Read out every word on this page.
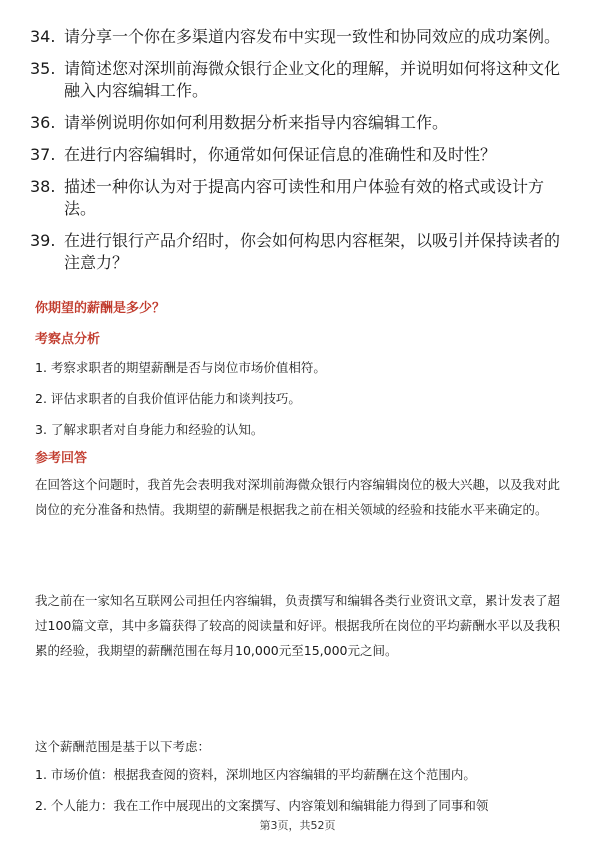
34. 请分享一个你在多渠道内容发布中实现一致性和协同效应的成功案例。
35. 请简述您对深圳前海微众银行企业文化的理解，并说明如何将这种文化融入内容编辑工作。
36. 请举例说明你如何利用数据分析来指导内容编辑工作。
37. 在进行内容编辑时，你通常如何保证信息的准确性和及时性？
38. 描述一种你认为对于提高内容可读性和用户体验有效的格式或设计方法。
39. 在进行银行产品介绍时，你会如何构思内容框架，以吸引并保持读者的注意力？

你期望的薪酬是多少？

考察点分析

1. 考察求职者的期望薪酬是否与岗位市场价值相符。
2. 评估求职者的自我价值评估能力和谈判技巧。
3. 了解求职者对自身能力和经验的认知。

参考回答

在回答这个问题时，我首先会表明我对深圳前海微众银行内容编辑岗位的极大兴趣，以及我对此岗位的充分准备和热情。我期望的薪酬是根据我之前在相关领域的经验和技能水平来确定的。

我之前在一家知名互联网公司担任内容编辑，负责撰写和编辑各类行业资讯文章，累计发表了超过100篇文章，其中多篇获得了较高的阅读量和好评。根据我所在岗位的平均薪酬水平以及我积累的经验，我期望的薪酬范围在每月10,000元至15,000元之间。

这个薪酬范围是基于以下考虑：

1. 市场价值：根据我查阅的资料，深圳地区内容编辑的平均薪酬在这个范围内。
2. 个人能力：我在工作中展现出的文案撰写、内容策划和编辑能力得到了同事和领
第3页，共52页
